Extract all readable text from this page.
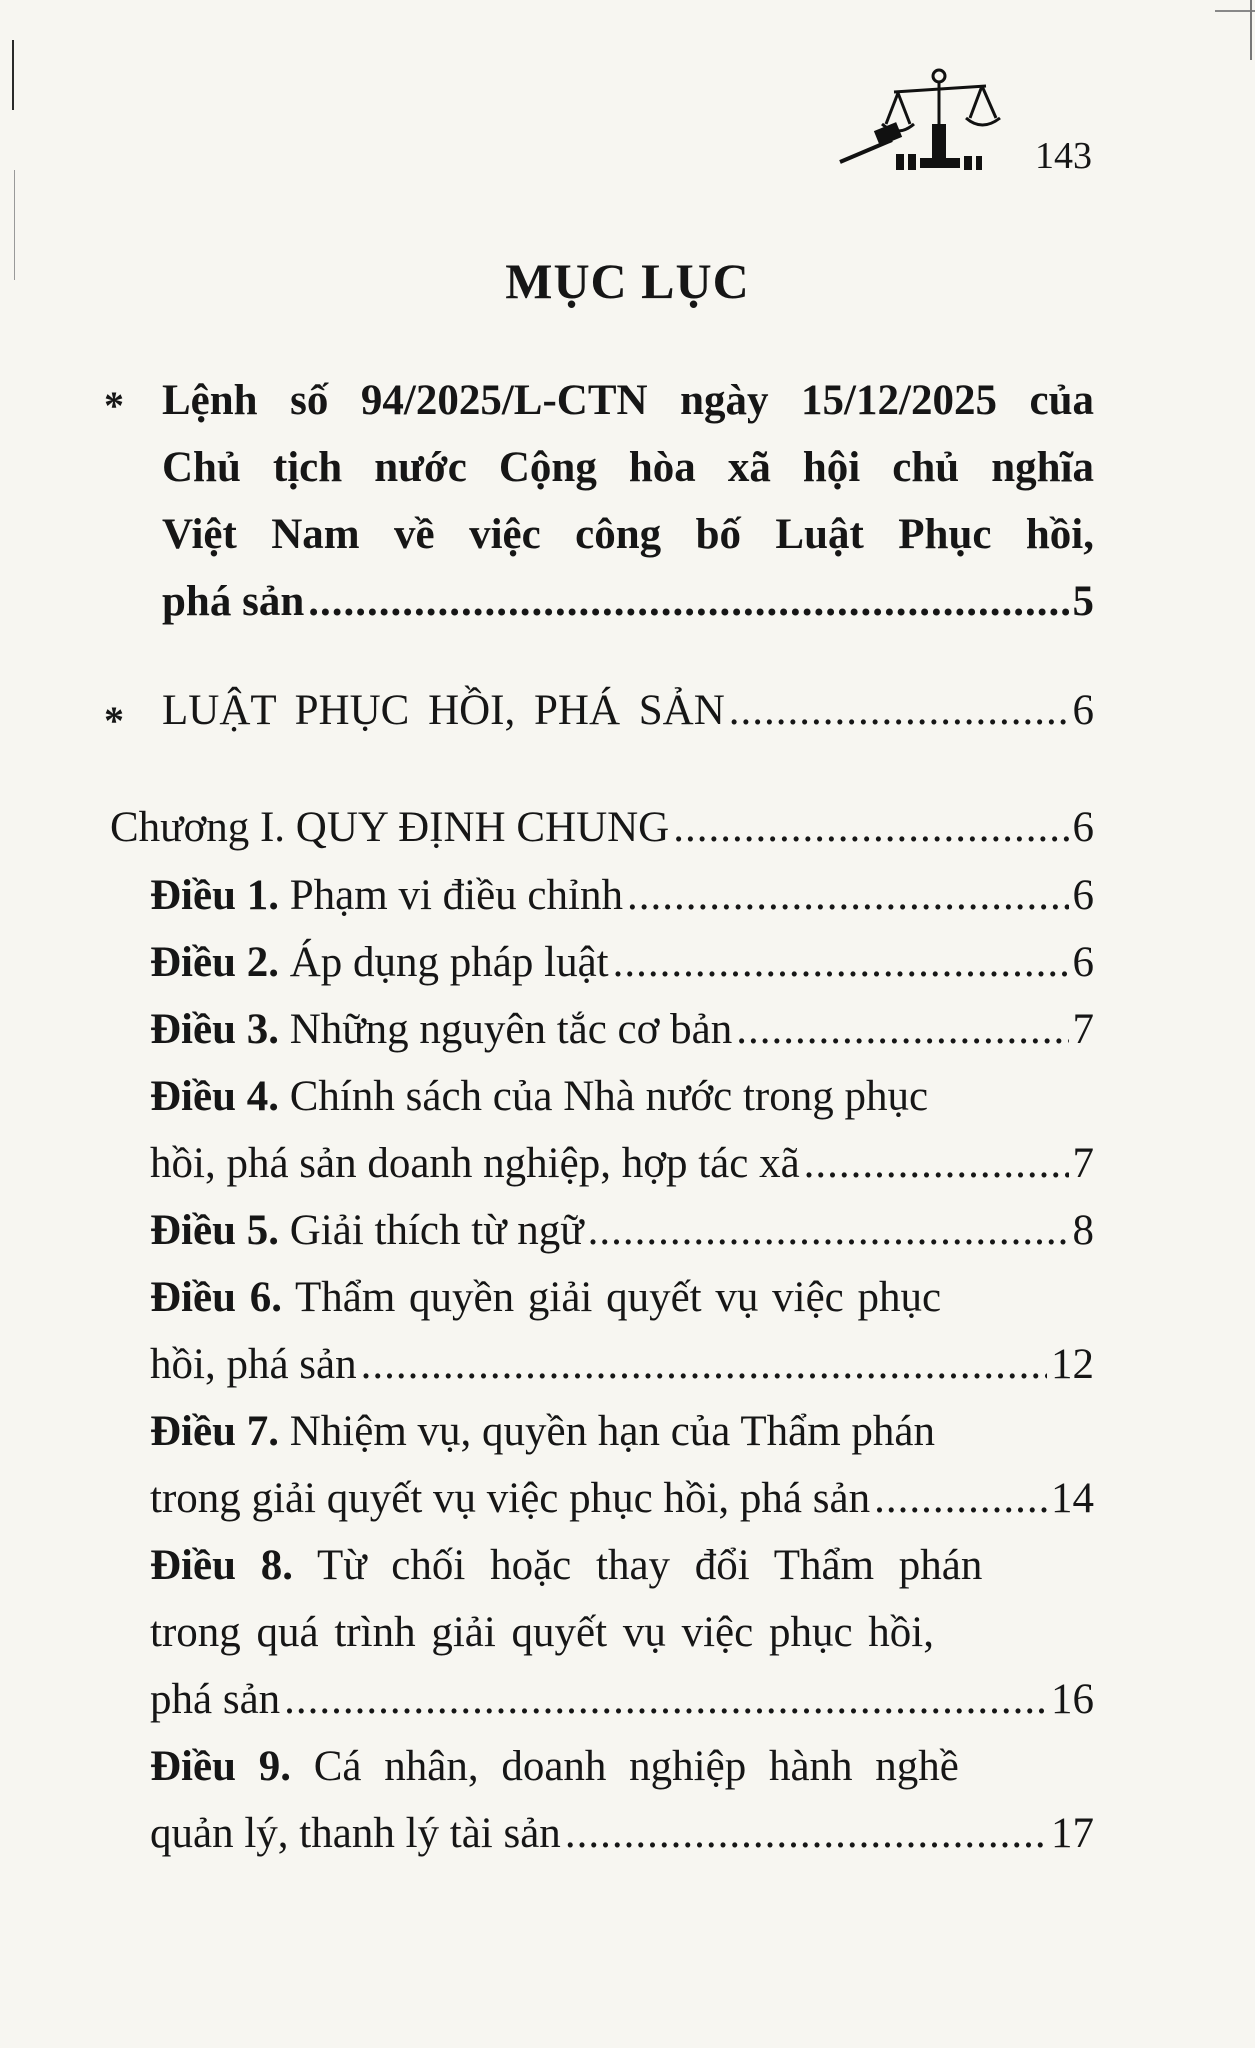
143
MỤC LỤC
* Lệnh số 94/2025/L-CTN ngày 15/12/2025 của
Chủ tịch nước Cộng hòa xã hội chủ nghĩa
Việt Nam về việc công bố Luật Phục hồi,
phá sản .....	5
* LUẬT PHỤC HỒI, PHÁ SẢN .....	6
Chương I. QUY ĐỊNH CHUNG .....	6
Điều 1. Phạm vi điều chỉnh .....	6
Điều 2. Áp dụng pháp luật .....	6
Điều 3. Những nguyên tắc cơ bản .....	7
Điều 4. Chính sách của Nhà nước trong phục
hồi, phá sản doanh nghiệp, hợp tác xã .....	7
Điều 5. Giải thích từ ngữ .....	8
Điều 6. Thẩm quyền giải quyết vụ việc phục
hồi, phá sản .....	12
Điều 7. Nhiệm vụ, quyền hạn của Thẩm phán
trong giải quyết vụ việc phục hồi, phá sản .....	14
Điều 8. Từ chối hoặc thay đổi Thẩm phán
trong quá trình giải quyết vụ việc phục hồi,
phá sản .....	16
Điều 9. Cá nhân, doanh nghiệp hành nghề
quản lý, thanh lý tài sản .....	17
